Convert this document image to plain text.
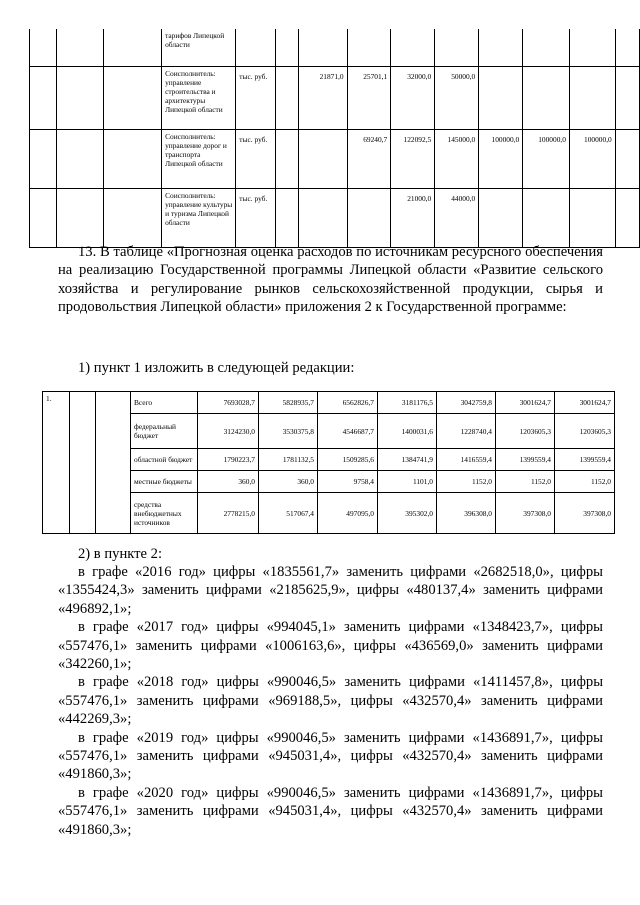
			тарифов Липецкой области										
			Соисполнитель: управление строительства и архитектуры Липецкой области	тыс. руб.		21871,0	25701,1	32000,0	50000,0				
			Соисполнитель: управление дорог и транспорта Липецкой области	тыс. руб.			69240,7	122092,5	145000,0	100000,0	100000,0	100000,0	
			Соисполнитель: управление культуры и туризма Липецкой области	тыс. руб.				21000,0	44000,0				
13. В таблице «Прогнозная оценка расходов по источникам ресурсного обеспечения на реализацию Государственной программы Липецкой области «Развитие сельского хозяйства и регулирование рынков сельскохозяйственной продукции, сырья и продовольствия Липецкой области» приложения 2 к Государственной программе:
1) пункт 1 изложить в следующей редакции:
1.			Всего	7693028,7	5828935,7	6562826,7	3181176,5	3042759,8	3001624,7	3001624,7
			федеральный бюджет	3124230,0	3530375,8	4546687,7	1400031,6	1228740,4	1203605,3	1203605,3
			областной бюджет	1790223,7	1781132,5	1509285,6	1384741,9	1416559,4	1399559,4	1399559,4
			местные бюджеты	360,0	360,0	9758,4	1101,0	1152,0	1152,0	1152,0
			средства внебюджетных источников	2778215,0	517067,4	497095,0	395302,0	396308,0	397308,0	397308,0
2) в пункте 2:

в графе «2016 год» цифры «1835561,7» заменить цифрами «2682518,0», цифры «1355424,3» заменить цифрами «2185625,9», цифры «480137,4» заменить цифрами «496892,1»;

в графе «2017 год» цифры «994045,1» заменить цифрами «1348423,7», цифры «557476,1» заменить цифрами «1006163,6», цифры «436569,0» заменить цифрами «342260,1»;

в графе «2018 год» цифры «990046,5» заменить цифрами «1411457,8», цифры «557476,1» заменить цифрами «969188,5», цифры «432570,4» заменить цифрами «442269,3»;

в графе «2019 год» цифры «990046,5» заменить цифрами «1436891,7», цифры «557476,1» заменить цифрами «945031,4», цифры «432570,4» заменить цифрами «491860,3»;

в графе «2020 год» цифры «990046,5» заменить цифрами «1436891,7», цифры «557476,1» заменить цифрами «945031,4», цифры «432570,4» заменить цифрами «491860,3»;
